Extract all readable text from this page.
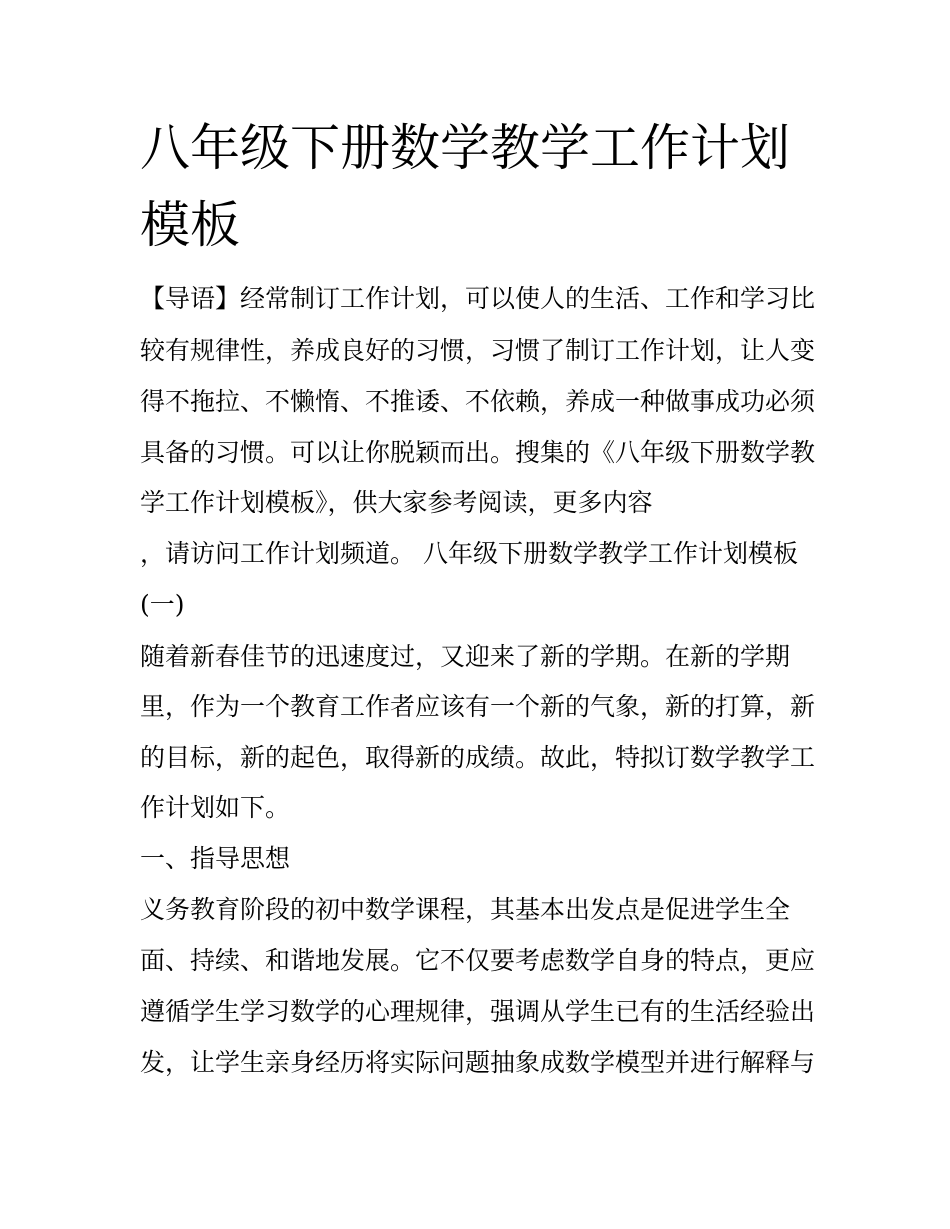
八年级下册数学教学工作计划
模板

【导语】经常制订工作计划，可以使人的生活、工作和学习比

较有规律性，养成良好的习惯，习惯了制订工作计划，让人变

得不拖拉、不懒惰、不推诿、不依赖，养成一种做事成功必须

具备的习惯。可以让你脱颖而出。搜集的《八年级下册数学教

学工作计划模板》，供大家参考阅读，更多内容

，请访问工作计划频道。 八年级下册数学教学工作计划模板

(一)

随着新春佳节的迅速度过，又迎来了新的学期。在新的学期

里，作为一个教育工作者应该有一个新的气象，新的打算，新

的目标，新的起色，取得新的成绩。故此，特拟订数学教学工

作计划如下。

一、指导思想

义务教育阶段的初中数学课程，其基本出发点是促进学生全

面、持续、和谐地发展。它不仅要考虑数学自身的特点，更应

遵循学生学习数学的心理规律，强调从学生已有的生活经验出

发，让学生亲身经历将实际问题抽象成数学模型并进行解释与
